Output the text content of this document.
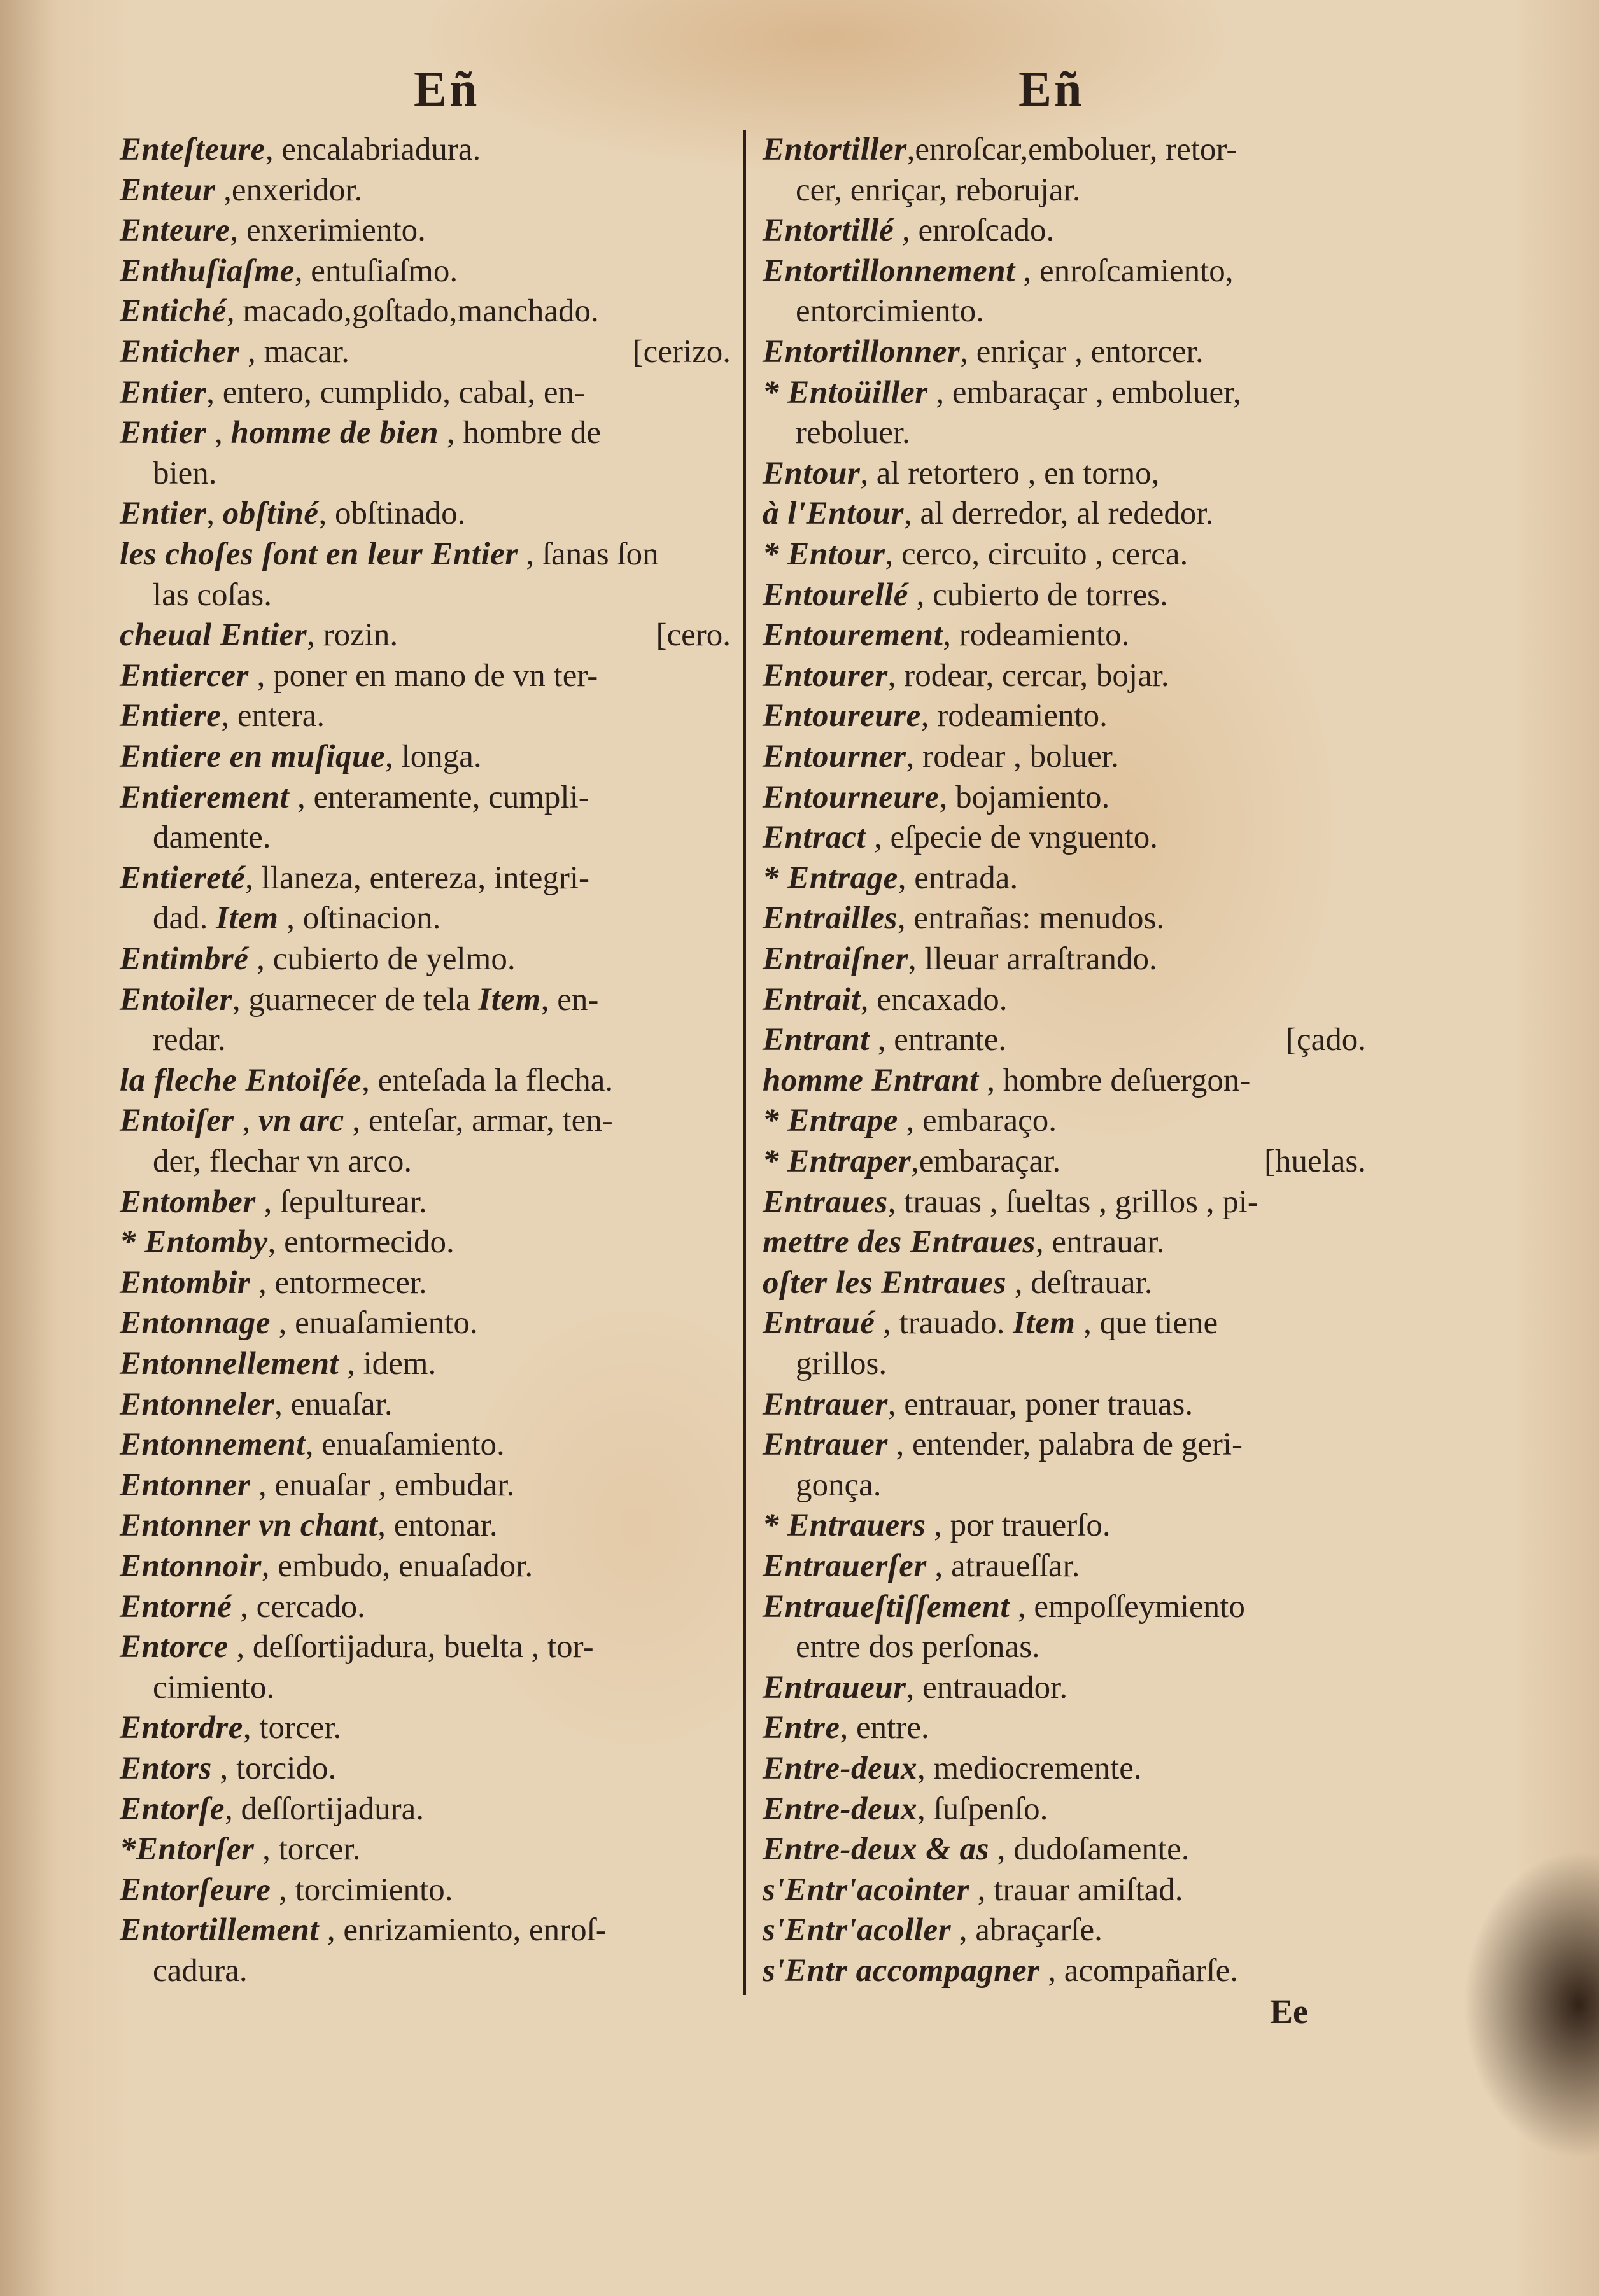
Eñ	Eñ
Enteſteure, encalabriadura.
Enteur ,enxeridor.
Enteure, enxerimiento.
Enthuſiaſme, entuſiaſmo.
Entiché, macado,goſtado,manchado.
Enticher , macar.	[cerizo.
Entier, entero, cumplido, cabal, en-
Entier , homme de bien , hombre de
bien.
Entier, obſtiné, obſtinado.
les choſes ſont en leur Entier , ſanas ſon
las coſas.
cheual Entier, rozin.	[cero.
Entiercer , poner en mano de vn ter-
Entiere, entera.
Entiere en muſique, longa.
Entierement , enteramente, cumpli-
damente.
Entiereté, llaneza, entereza, integri-
dad. Item , oſtinacion.
Entimbré , cubierto de yelmo.
Entoiler, guarnecer de tela Item, en-
redar.
la fleche Entoiſée, enteſada la flecha.
Entoiſer , vn arc , enteſar, armar, ten-
der, flechar vn arco.
Entomber , ſepulturear.
* Entomby, entormecido.
Entombir , entormecer.
Entonnage , enuaſamiento.
Entonnellement , idem.
Entonneler, enuaſar.
Entonnement, enuaſamiento.
Entonner , enuaſar , embudar.
Entonner vn chant, entonar.
Entonnoir, embudo, enuaſador.
Entorné , cercado.
Entorce , deſſortijadura, buelta , tor-
cimiento.
Entordre, torcer.
Entors , torcido.
Entorſe, deſſortijadura.
*Entorſer , torcer.
Entorſeure , torcimiento.
Entortillement , enrizamiento, enroſ-
cadura.
Entortiller,enroſcar,emboluer, retor-
cer, enriçar, reborujar.
Entortillé , enroſcado.
Entortillonnement , enroſcamiento,
entorcimiento.
Entortillonner, enriçar , entorcer.
* Entoüiller , embaraçar , emboluer,
reboluer.
Entour, al retortero , en torno,
à l'Entour, al derredor, al rededor.
* Entour, cerco, circuito , cerca.
Entourellé , cubierto de torres.
Entourement, rodeamiento.
Entourer, rodear, cercar, bojar.
Entoureure, rodeamiento.
Entourner, rodear , boluer.
Entourneure, bojamiento.
Entract , eſpecie de vnguento.
* Entrage, entrada.
Entrailles, entrañas: menudos.
Entraiſner, lleuar arraſtrando.
Entrait, encaxado.
Entrant , entrante.	[çado.
homme Entrant , hombre deſuergon-
* Entrape , embaraço.
* Entraper,embaraçar.	[huelas.
Entraues, trauas , ſueltas , grillos , pi-
mettre des Entraues, entrauar.
oſter les Entraues , deſtrauar.
Entraué , trauado. Item , que tiene
grillos.
Entrauer, entrauar, poner trauas.
Entrauer , entender, palabra de geri-
gonça.
* Entrauers , por trauerſo.
Entrauerſer , atraueſſar.
Entraueſtiſſement , empoſſeymiento
entre dos perſonas.
Entraueur, entrauador.
Entre, entre.
Entre-deux, mediocremente.
Entre-deux, ſuſpenſo.
Entre-deux & as , dudoſamente.
s'Entr'acointer , trauar amiſtad.
s'Entr'acoller , abraçarſe.
s'Entr accompagner , acompañarſe.
Ee
